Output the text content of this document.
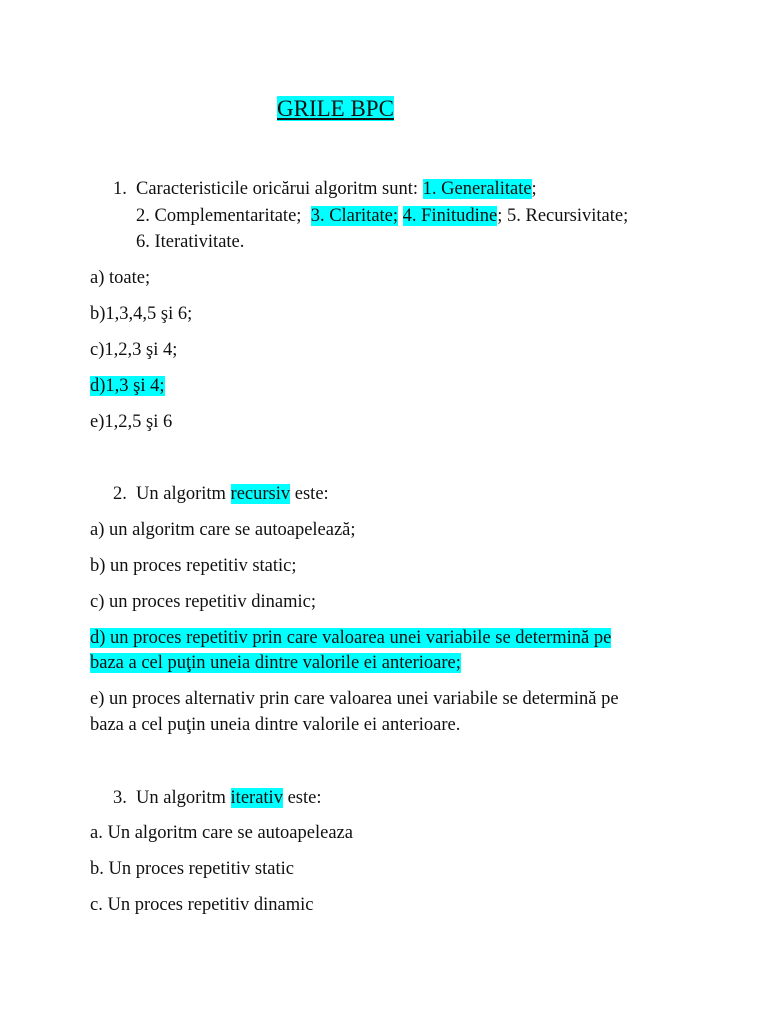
GRILE BPC
1. Caracteristicile oricărui algoritm sunt: 1. Generalitate;
2. Complementaritate;  3. Claritate; 4. Finitudine; 5. Recursivitate;
6. Iterativitate.
a) toate;
b)1,3,4,5 şi 6;
c)1,2,3 şi 4;
d)1,3 şi 4;
e)1,2,5 şi 6
2. Un algoritm recursiv este:
a) un algoritm care se autoapelează;
b) un proces repetitiv static;
c) un proces repetitiv dinamic;
d) un proces repetitiv prin care valoarea unei variabile se determină pe
baza a cel puţin uneia dintre valorile ei anterioare;
e) un proces alternativ prin care valoarea unei variabile se determină pe
baza a cel puţin uneia dintre valorile ei anterioare.
3. Un algoritm iterativ este:
a. Un algoritm care se autoapeleaza
b. Un proces repetitiv static
c. Un proces repetitiv dinamic
